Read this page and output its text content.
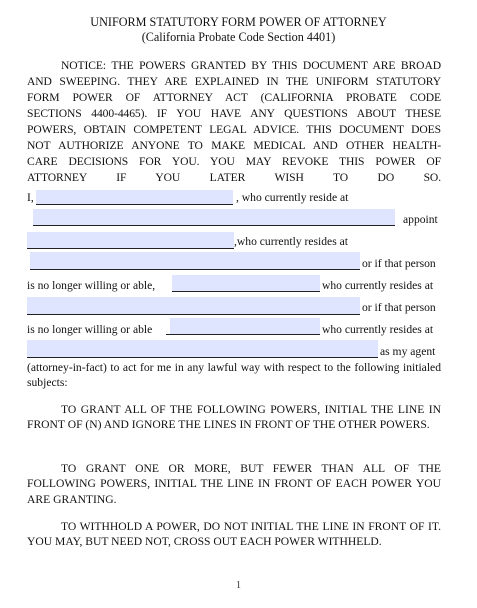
UNIFORM STATUTORY FORM POWER OF ATTORNEY
(California Probate Code Section 4401)
NOTICE: THE POWERS GRANTED BY THIS DOCUMENT ARE BROAD
AND SWEEPING. THEY ARE EXPLAINED IN THE UNIFORM STATUTORY
FORM POWER OF ATTORNEY ACT (CALIFORNIA PROBATE CODE
SECTIONS 4400-4465). IF YOU HAVE ANY QUESTIONS ABOUT THESE
POWERS, OBTAIN COMPETENT LEGAL ADVICE. THIS DOCUMENT DOES
NOT AUTHORIZE ANYONE TO MAKE MEDICAL AND OTHER HEALTH-
CARE DECISIONS FOR YOU. YOU MAY REVOKE THIS POWER OF
ATTORNEY IF YOU LATER WISH TO DO SO.
I,	, who currently reside at
appoint
,who currently resides at
or if that person
is no longer willing or able,	who currently resides at
or if that person
is no longer willing or able	who currently resides at
as my agent
(attorney-in-fact) to act for me in any lawful way with respect to the following initialed subjects:
TO GRANT ALL OF THE FOLLOWING POWERS, INITIAL THE LINE IN FRONT OF (N) AND IGNORE THE LINES IN FRONT OF THE OTHER POWERS.
TO GRANT ONE OR MORE, BUT FEWER THAN ALL OF THE FOLLOWING POWERS, INITIAL THE LINE IN FRONT OF EACH POWER YOU ARE GRANTING.
TO WITHHOLD A POWER, DO NOT INITIAL THE LINE IN FRONT OF IT. YOU MAY, BUT NEED NOT, CROSS OUT EACH POWER WITHHELD.
1
